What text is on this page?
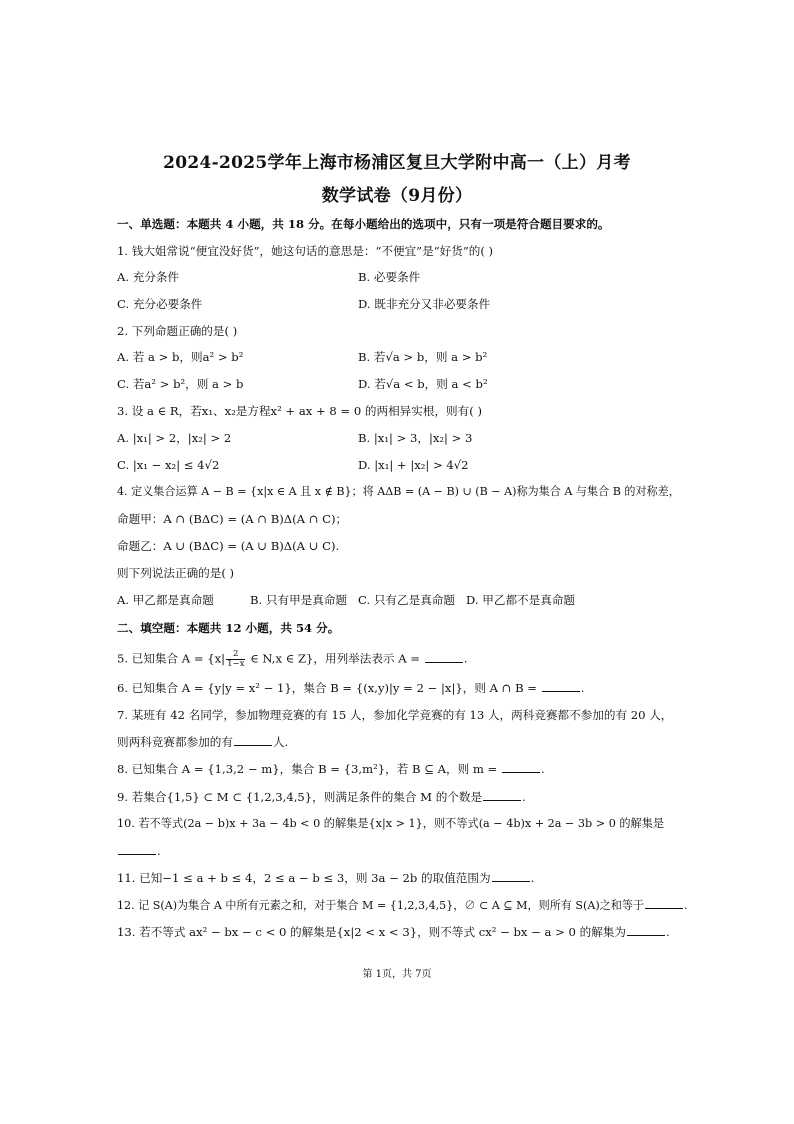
2024-2025学年上海市杨浦区复旦大学附中高一（上）月考
数学试卷（9月份）
一、单选题：本题共 4 小题，共 18 分。在每小题给出的选项中，只有一项是符合题目要求的。
1. 钱大姐常说“便宜没好货”，她这句话的意思是：“不便宜”是“好货”的( )
A. 充分条件	B. 必要条件
C. 充分必要条件	D. 既非充分又非必要条件
2. 下列命题正确的是( )
A. 若 a > b，则a² > b²	B. 若√a > b，则 a > b²
C. 若a² > b²，则 a > b	D. 若√a < b，则 a < b²
3. 设 a ∈ R，若x₁、x₂是方程x² + ax + 8 = 0 的两相异实根，则有( )
A. |x₁| > 2，|x₂| > 2	B. |x₁| > 3，|x₂| > 3
C. |x₁ − x₂| ≤ 4√2	D. |x₁| + |x₂| > 4√2
4. 定义集合运算 A − B = {x|x ∈ A 且 x ∉ B}；将 AΔB = (A − B) ∪ (B − A)称为集合 A 与集合 B 的对称差，
命题甲：A ∩ (BΔC) = (A ∩ B)Δ(A ∩ C)；
命题乙：A ∪ (BΔC) = (A ∪ B)Δ(A ∪ C).
则下列说法正确的是( )
A. 甲乙都是真命题	B. 只有甲是真命题 C. 只有乙是真命题 D. 甲乙都不是真命题
二、填空题：本题共 12 小题，共 54 分。
5. 已知集合 $A = \{x| \frac{2}{1-x}$ ∈ N,x ∈ Z}，用列举法表示 A =	.
6. 已知集合 A = {y|y = x² − 1}，集合 B = {(x,y)|y = 2 − |x|}，则 A ∩ B =	.
7. 某班有 42 名同学，参加物理竞赛的有 15 人，参加化学竞赛的有 13 人，两科竞赛都不参加的有 20 人，
则两科竞赛都参加的有	人.
8. 已知集合 A = {1,3,2 − m}，集合 B = {3,m²}，若 B ⊆ A，则 m =	.
9. 若集合{1,5} ⊂ M ⊂ {1,2,3,4,5}，则满足条件的集合 M 的个数是	.
10. 若不等式(2a − b)x + 3a − 4b < 0 的解集是{x|x > 1}，则不等式(a − 4b)x + 2a − 3b > 0 的解集是
.
11. 已知−1 ≤ a + b ≤ 4，2 ≤ a − b ≤ 3，则 3a − 2b 的取值范围为	.
12. 记 S(A)为集合 A 中所有元素之和，对于集合 M = {1,2,3,4,5}，∅ ⊂ A ⊆ M，则所有 S(A)之和等于	.
13. 若不等式 ax² − bx − c < 0 的解集是{x|2 < x < 3}，则不等式 cx² − bx − a > 0 的解集为	.
第 1页，共 7页
